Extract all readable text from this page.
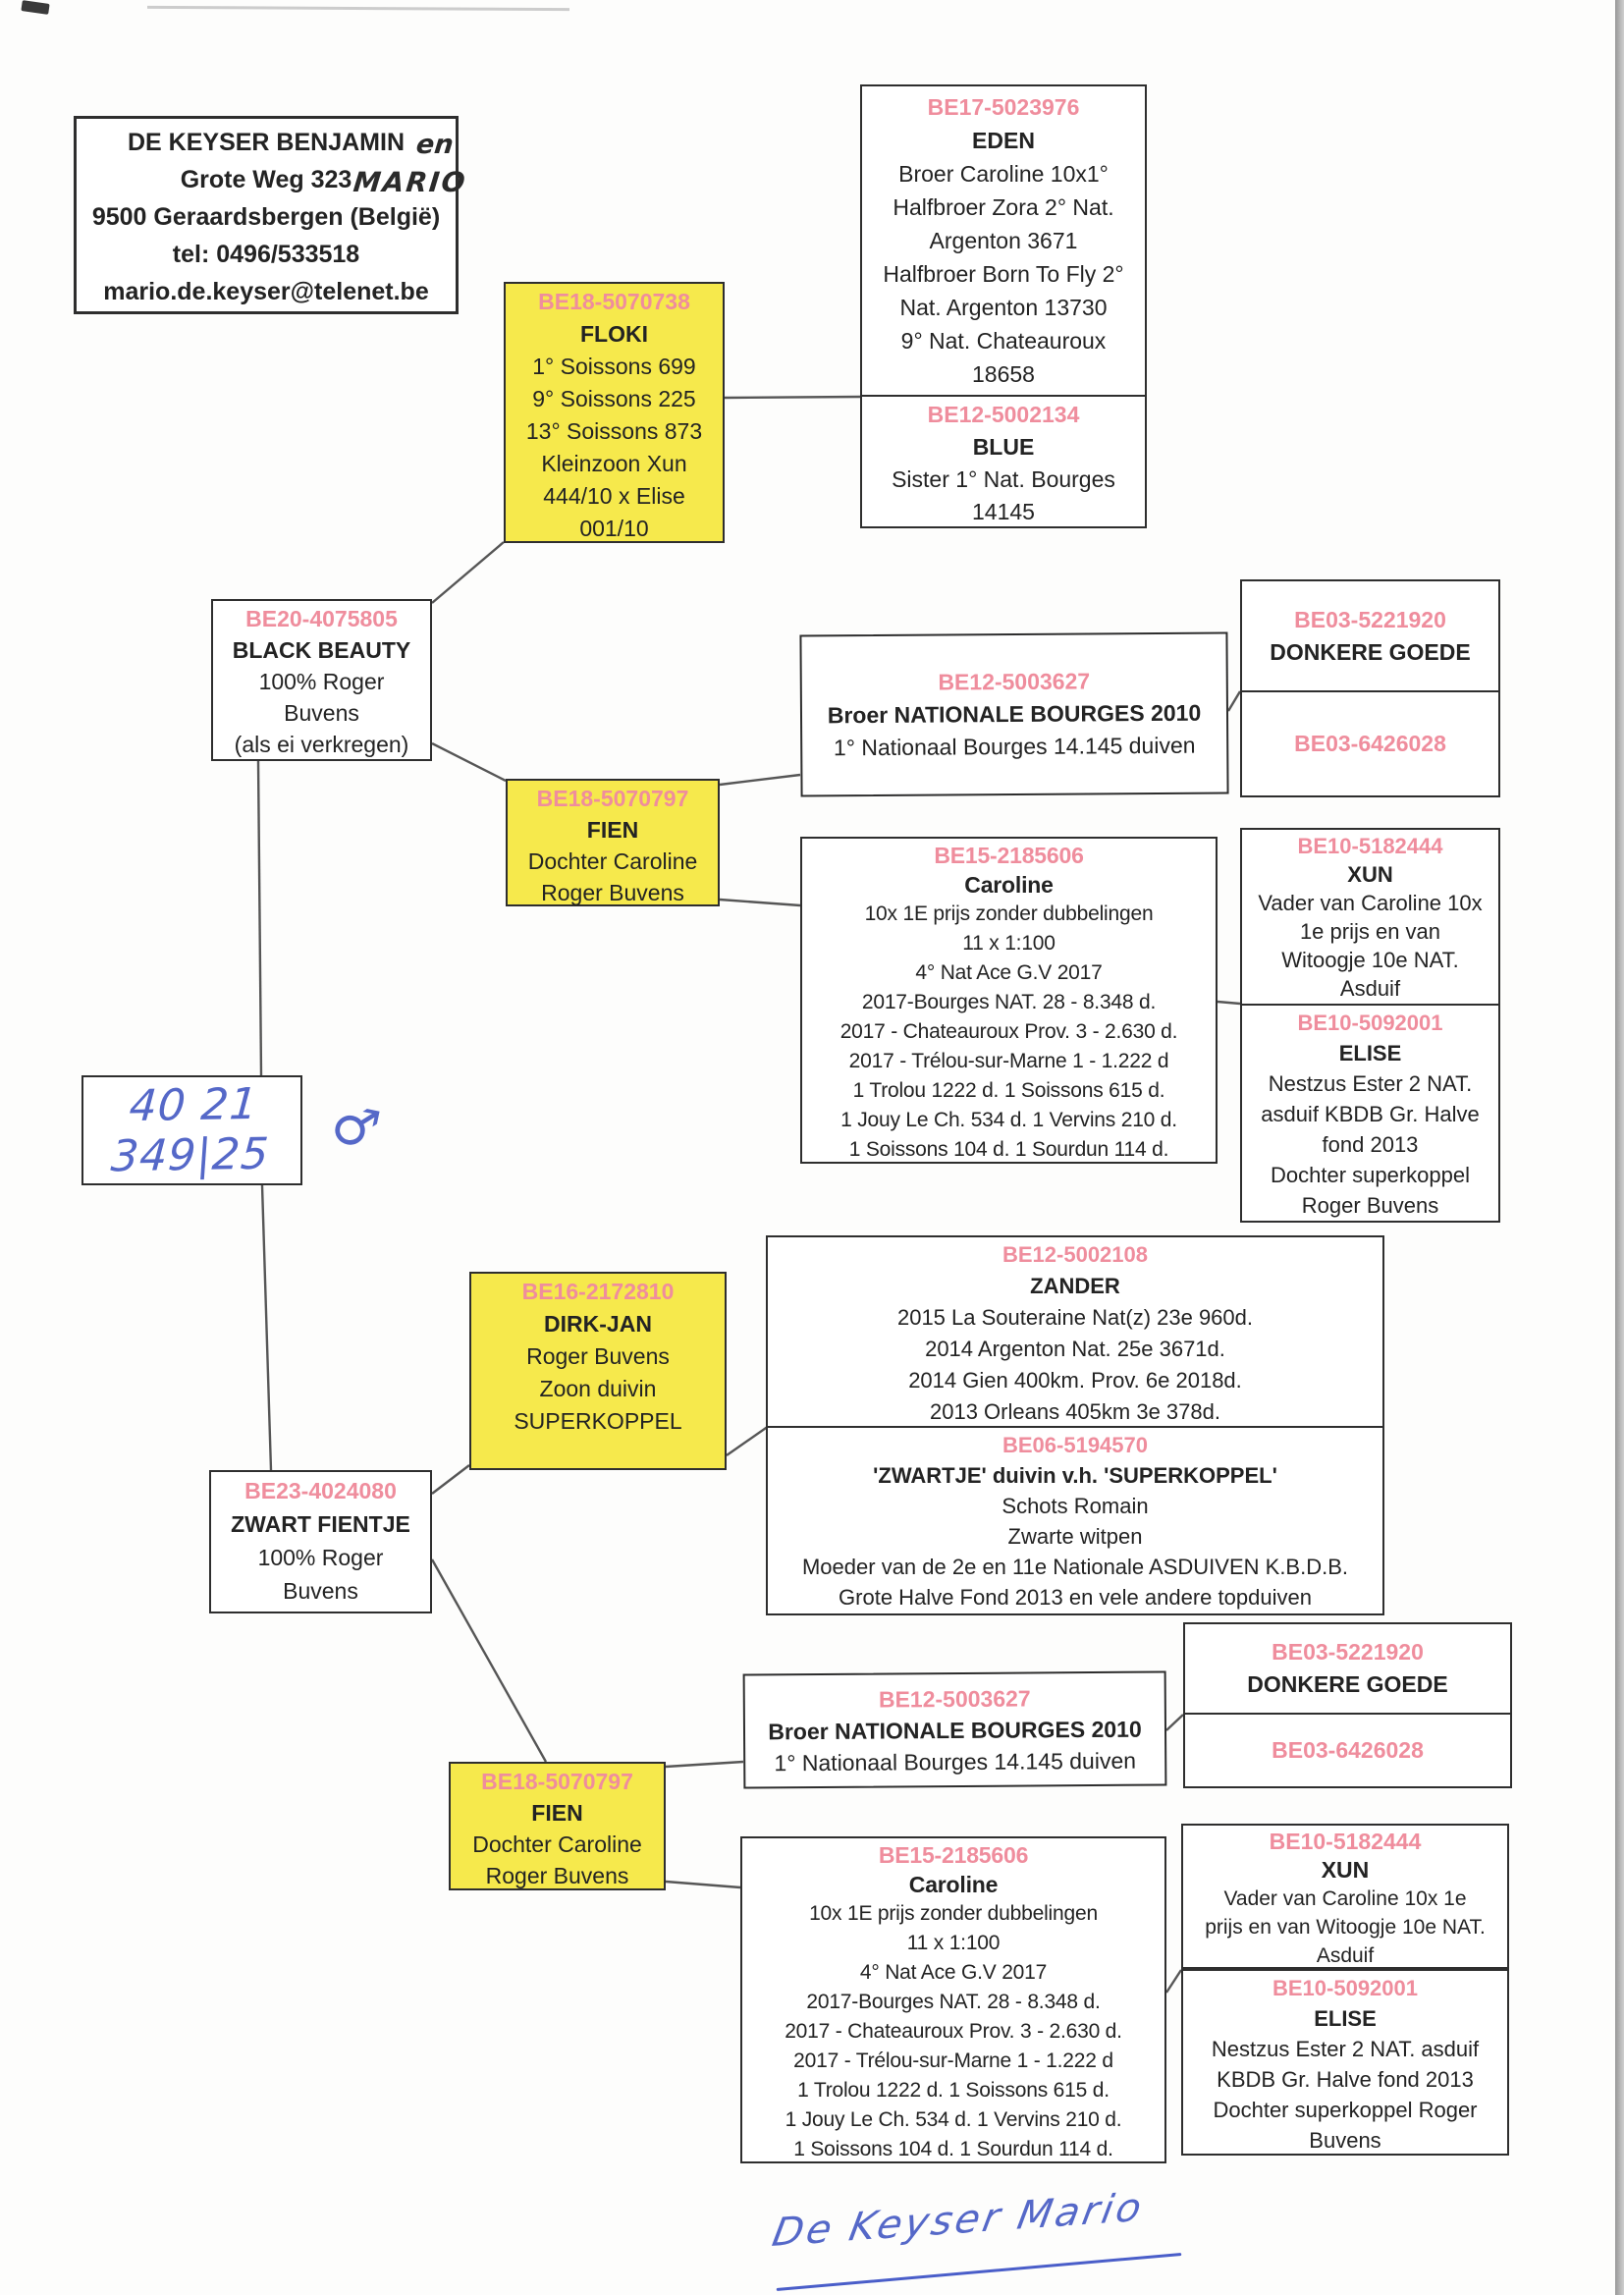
DE KEYSER BENJAMIN
Grote Weg 323
9500 Geraardsbergen (België)
tel: 0496/533518
mario.de.keyser@telenet.be
en
MARIO
BE17-5023976
EDEN
Broer Caroline 10x1°
Halfbroer Zora 2° Nat.
Argenton 3671
Halfbroer Born To Fly 2°
Nat. Argenton 13730
9° Nat. Chateauroux
18658
BE12-5002134
BLUE
Sister 1° Nat. Bourges
14145
BE18-5070738
FLOKI
1° Soissons 699
9° Soissons 225
13° Soissons 873
Kleinzoon Xun
444/10 x Elise
001/10
BE20-4075805
BLACK BEAUTY
100% Roger
Buvens
(als ei verkregen)
BE12-5003627
Broer NATIONALE BOURGES 2010
1° Nationaal Bourges 14.145 duiven
BE03-5221920
DONKERE GOEDE
BE03-6426028
BE18-5070797
FIEN
Dochter Caroline
Roger Buvens
BE15-2185606
Caroline
10x 1E prijs zonder dubbelingen
11 x 1:100
4° Nat Ace G.V 2017
2017-Bourges NAT. 28 - 8.348 d.
2017 - Chateauroux Prov. 3 - 2.630 d.
2017 - Trélou-sur-Marne 1 - 1.222 d
1 Trolou 1222 d. 1 Soissons 615 d.
1 Jouy Le Ch. 534 d. 1 Vervins 210 d.
1 Soissons 104 d. 1 Sourdun 114 d.
BE10-5182444
XUN
Vader van Caroline 10x
1e prijs en van
Witoogje 10e NAT.
Asduif
BE10-5092001
ELISE
Nestzus Ester 2 NAT.
asduif KBDB Gr. Halve
fond 2013
Dochter superkoppel
Roger Buvens
40 21 349|25	♂
BE16-2172810
DIRK-JAN
Roger Buvens
Zoon duivin
SUPERKOPPEL
BE12-5002108
ZANDER
2015 La Souteraine Nat(z) 23e 960d.
2014 Argenton Nat. 25e 3671d.
2014 Gien 400km. Prov. 6e 2018d.
2013 Orleans 405km 3e 378d.
BE06-5194570
'ZWARTJE' duivin v.h. 'SUPERKOPPEL'
Schots Romain
Zwarte witpen
Moeder van de 2e en 11e Nationale ASDUIVEN K.B.D.B.
Grote Halve Fond 2013 en vele andere topduiven
BE23-4024080
ZWART FIENTJE
100% Roger
Buvens
BE12-5003627
Broer NATIONALE BOURGES 2010
1° Nationaal Bourges 14.145 duiven
BE03-5221920
DONKERE GOEDE
BE03-6426028
BE18-5070797
FIEN
Dochter Caroline
Roger Buvens
BE15-2185606
Caroline
10x 1E prijs zonder dubbelingen
11 x 1:100
4° Nat Ace G.V 2017
2017-Bourges NAT. 28 - 8.348 d.
2017 - Chateauroux Prov. 3 - 2.630 d.
2017 - Trélou-sur-Marne 1 - 1.222 d
1 Trolou 1222 d. 1 Soissons 615 d.
1 Jouy Le Ch. 534 d. 1 Vervins 210 d.
1 Soissons 104 d. 1 Sourdun 114 d.
BE10-5182444
XUN
Vader van Caroline 10x 1e
prijs en van Witoogje 10e NAT.
Asduif
BE10-5092001
ELISE
Nestzus Ester 2 NAT. asduif
KBDB Gr. Halve fond 2013
Dochter superkoppel Roger
Buvens
De Keyser Mario
